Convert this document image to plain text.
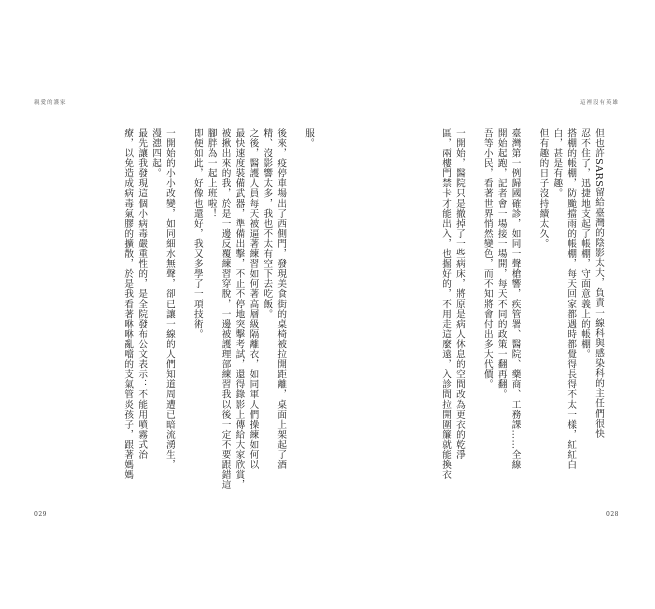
親愛的護家
服。

後來，疫停車場出了西側門，發現美食街的桌椅被拉開距離，桌面上架起了酒
精、沒影響太多，我也不太有空下去吃飯。
之後，醫護人員每天被逼著練習如何著高層級隔離衣，如同軍人們操練如何以
最快速度裝備武器，準備出擊，不止不停地突擊考試，還得錄影上傳給大家欣賞，
被揪出來的我，於是一邊反覆練習穿脫，一邊被護理部練習我以後一定不要跟錯這
腳胖為一起上班啦！
即便如此，好像也還好，我又多學了一項技術。

一開始的小小改變，如同細水無聲，卻已讓一線的人們知道周遭已暗流湧生，
漫漶四起。
最先讓我發現這個小病毒嚴重性的，是全院發布公文表示：不能用噴霧式治
療，以免造成病毒氣膠的擴散，於是我看著咻咻亂噹的支氣管炎孩子，跟著媽媽
029
這裡沒有英雄
但也許SARS留給臺灣的陰影太大，負責一線科與感染科的主任們很快
忍不住了，迅捷地支起了帳棚，守面意義上的帳棚。
搭棚的帳棚，防颱擋雨的帳棚，每天回家都遇時都覺得長得不太一樣，紅紅白
白，甚是有趣。
但有趣的日子沒持續太久。

臺灣第一例歸國確診，如同一聲槍響，疾管署、醫院、藥商、工務課……全線
開始起跑，記者會一場接一場開，每天不同的政策一翻再翻。
吾等小民，看著世界悄然變色，而不知將會付出多大代價。

一開始，醫院只是撤掉了一些病床，將原是病人休息的空間改為更衣的乾淨
區，兩樓門禁卡才能出入，也掘好的，不用走這麼遠，入診間拉開圍簾就能換衣
028
